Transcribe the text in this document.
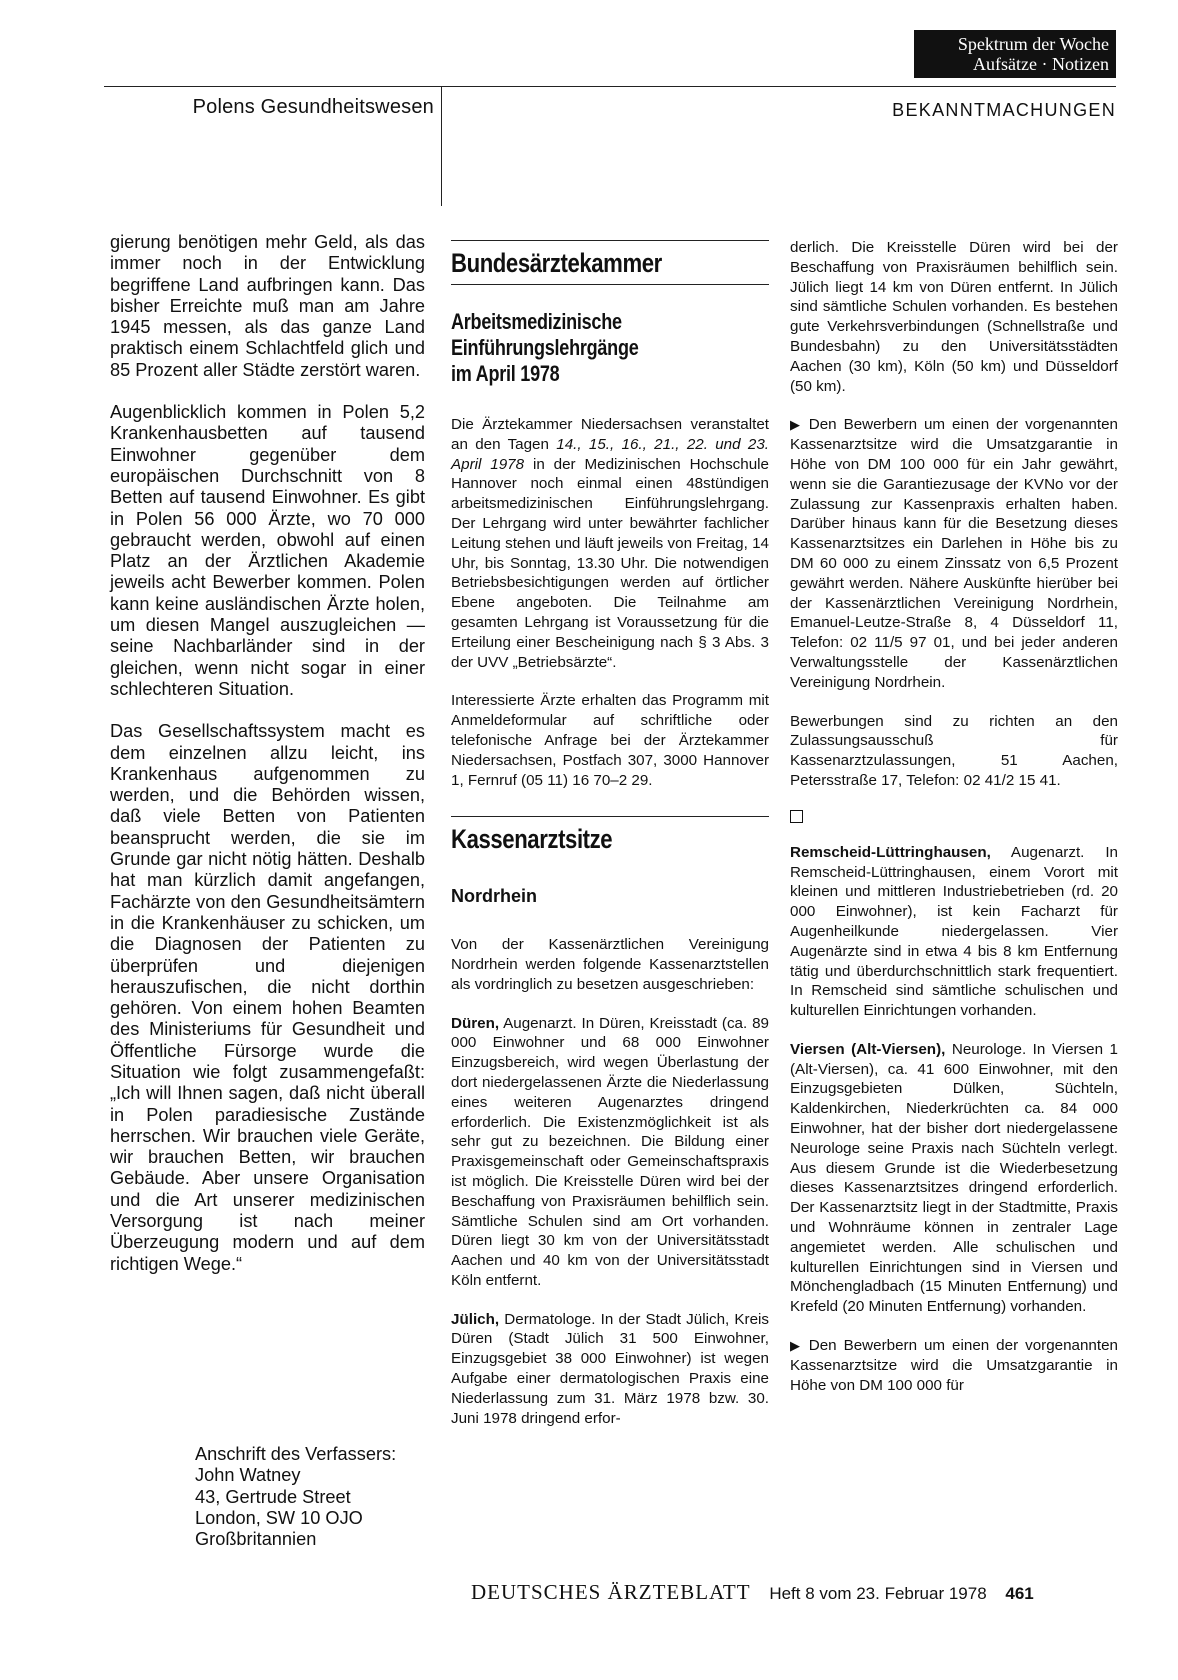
Spektrum der Woche
Aufsätze · Notizen
Polens Gesundheitswesen	BEKANNTMACHUNGEN

gierung benötigen mehr Geld, als das immer noch in der Entwicklung begriffene Land aufbringen kann. Das bisher Erreichte muß man am Jahre 1945 messen, als das ganze Land praktisch einem Schlachtfeld glich und 85 Prozent aller Städte zerstört waren.

Augenblicklich kommen in Polen 5,2 Krankenhausbetten auf tausend Einwohner gegenüber dem europäischen Durchschnitt von 8 Betten auf tausend Einwohner. Es gibt in Polen 56 000 Ärzte, wo 70 000 gebraucht werden, obwohl auf einen Platz an der Ärztlichen Akademie jeweils acht Bewerber kommen. Polen kann keine ausländischen Ärzte holen, um diesen Mangel auszugleichen — seine Nachbarländer sind in der gleichen, wenn nicht sogar in einer schlechteren Situation.

Das Gesellschaftssystem macht es dem einzelnen allzu leicht, ins Krankenhaus aufgenommen zu werden, und die Behörden wissen, daß viele Betten von Patienten beansprucht werden, die sie im Grunde gar nicht nötig hätten. Deshalb hat man kürzlich damit angefangen, Fachärzte von den Gesundheitsämtern in die Krankenhäuser zu schicken, um die Diagnosen der Patienten zu überprüfen und diejenigen herauszufischen, die nicht dorthin gehören. Von einem hohen Beamten des Ministeriums für Gesundheit und Öffentliche Fürsorge wurde die Situation wie folgt zusammengefaßt: „Ich will Ihnen sagen, daß nicht überall in Polen paradiesische Zustände herrschen. Wir brauchen viele Geräte, wir brauchen Betten, wir brauchen Gebäude. Aber unsere Organisation und die Art unserer medizinischen Versorgung ist nach meiner Überzeugung modern und auf dem richtigen Wege.“

Anschrift des Verfassers:
John Watney
43, Gertrude Street
London, SW 10 OJO
Großbritannien
Bundesärztekammer
Arbeitsmedizinische
Einführungslehrgänge
im April 1978

Die Ärztekammer Niedersachsen veranstaltet an den Tagen 14., 15., 16., 21., 22. und 23. April 1978 in der Medizinischen Hochschule Hannover noch einmal einen 48stündigen arbeitsmedizinischen Einführungslehrgang. Der Lehrgang wird unter bewährter fachlicher Leitung stehen und läuft jeweils von Freitag, 14 Uhr, bis Sonntag, 13.30 Uhr. Die notwendigen Betriebsbesichtigungen werden auf örtlicher Ebene angeboten. Die Teilnahme am gesamten Lehrgang ist Voraussetzung für die Erteilung einer Bescheinigung nach § 3 Abs. 3 der UVV „Betriebsärzte“.

Interessierte Ärzte erhalten das Programm mit Anmeldeformular auf schriftliche oder telefonische Anfrage bei der Ärztekammer Niedersachsen, Postfach 307, 3000 Hannover 1, Fernruf (05 11) 16 70–2 29.

Kassenarztsitze
Nordrhein

Von der Kassenärztlichen Vereinigung Nordrhein werden folgende Kassenarztstellen als vordringlich zu besetzen ausgeschrieben:

Düren, Augenarzt. In Düren, Kreisstadt (ca. 89 000 Einwohner und 68 000 Einwohner Einzugsbereich, wird wegen Überlastung der dort niedergelassenen Ärzte die Niederlassung eines weiteren Augenarztes dringend erforderlich. Die Existenzmöglichkeit ist als sehr gut zu bezeichnen. Die Bildung einer Praxisgemeinschaft oder Gemeinschaftspraxis ist möglich. Die Kreisstelle Düren wird bei der Beschaffung von Praxisräumen behilflich sein. Sämtliche Schulen sind am Ort vorhanden. Düren liegt 30 km von der Universitätsstadt Aachen und 40 km von der Universitätsstadt Köln entfernt.

Jülich, Dermatologe. In der Stadt Jülich, Kreis Düren (Stadt Jülich 31 500 Einwohner, Einzugsgebiet 38 000 Einwohner) ist wegen Aufgabe einer dermatologischen Praxis eine Niederlassung zum 31. März 1978 bzw. 30. Juni 1978 dringend erfor-

derlich. Die Kreisstelle Düren wird bei der Beschaffung von Praxisräumen behilflich sein. Jülich liegt 14 km von Düren entfernt. In Jülich sind sämtliche Schulen vorhanden. Es bestehen gute Verkehrsverbindungen (Schnellstraße und Bundesbahn) zu den Universitätsstädten Aachen (30 km), Köln (50 km) und Düsseldorf (50 km).

▶ Den Bewerbern um einen der vorgenannten Kassenarztsitze wird die Umsatzgarantie in Höhe von DM 100 000 für ein Jahr gewährt, wenn sie die Garantiezusage der KVNo vor der Zulassung zur Kassenpraxis erhalten haben. Darüber hinaus kann für die Besetzung dieses Kassenarztsitzes ein Darlehen in Höhe bis zu DM 60 000 zu einem Zinssatz von 6,5 Prozent gewährt werden. Nähere Auskünfte hierüber bei der Kassenärztlichen Vereinigung Nordrhein, Emanuel-Leutze-Straße 8, 4 Düsseldorf 11, Telefon: 02 11/5 97 01, und bei jeder anderen Verwaltungsstelle der Kassenärztlichen Vereinigung Nordrhein.

Bewerbungen sind zu richten an den Zulassungsausschuß für Kassenarztzulassungen, 51 Aachen, Petersstraße 17, Telefon: 02 41/2 15 41.

Remscheid-Lüttringhausen, Augenarzt. In Remscheid-Lüttringhausen, einem Vorort mit kleinen und mittleren Industriebetrieben (rd. 20 000 Einwohner), ist kein Facharzt für Augenheilkunde niedergelassen. Vier Augenärzte sind in etwa 4 bis 8 km Entfernung tätig und überdurchschnittlich stark frequentiert. In Remscheid sind sämtliche schulischen und kulturellen Einrichtungen vorhanden.

Viersen (Alt-Viersen), Neurologe. In Viersen 1 (Alt-Viersen), ca. 41 600 Einwohner, mit den Einzugsgebieten Dülken, Süchteln, Kaldenkirchen, Niederkrüchten ca. 84 000 Einwohner, hat der bisher dort niedergelassene Neurologe seine Praxis nach Süchteln verlegt. Aus diesem Grunde ist die Wiederbesetzung dieses Kassenarztsitzes dringend erforderlich. Der Kassenarztsitz liegt in der Stadtmitte, Praxis und Wohnräume können in zentraler Lage angemietet werden. Alle schulischen und kulturellen Einrichtungen sind in Viersen und Mönchengladbach (15 Minuten Entfernung) und Krefeld (20 Minuten Entfernung) vorhanden.

▶ Den Bewerbern um einen der vorgenannten Kassenarztsitze wird die Umsatzgarantie in Höhe von DM 100 000 für

DEUTSCHES ÄRZTEBLATT Heft 8 vom 23. Februar 1978 461
